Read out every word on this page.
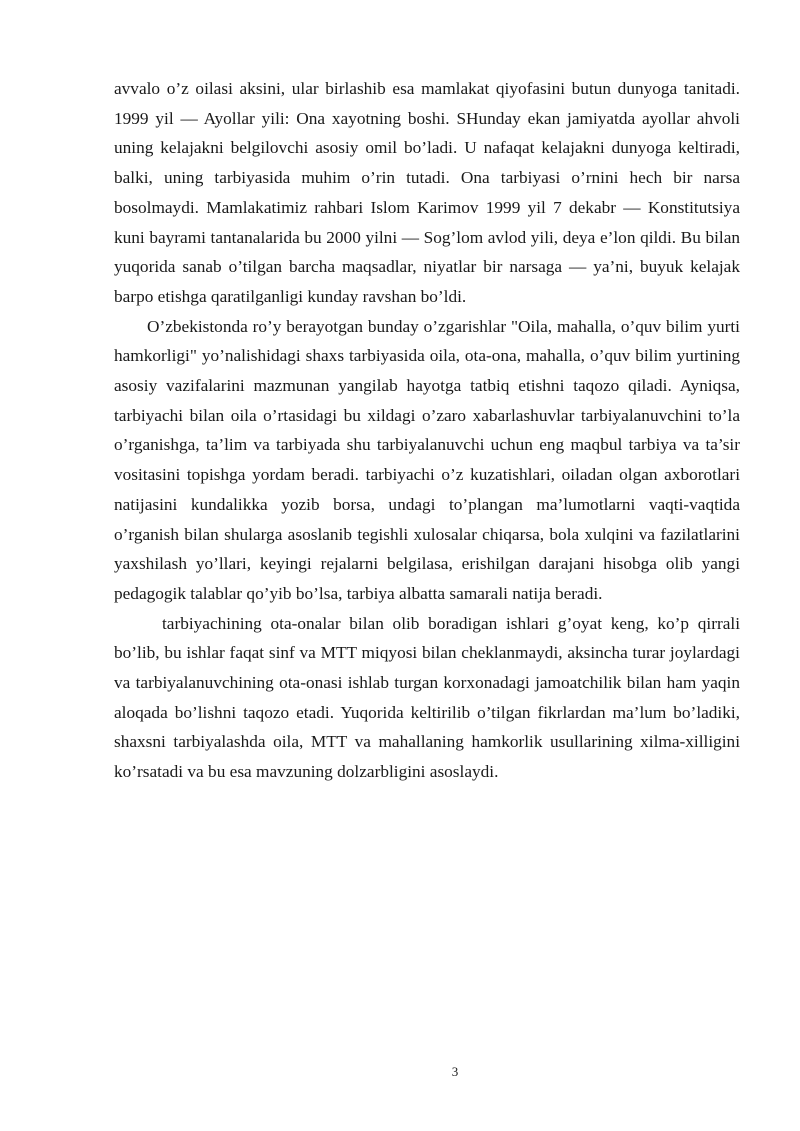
avvalo o’z oilasi aksini, ular birlashib esa mamlakat qiyofasini butun dunyoga tanitadi. 1999 yil — Ayollar yili: Ona xayotning boshi. SHunday ekan jamiyatda ayollar ahvoli uning kelajakni belgilovchi asosiy omil bo’ladi. U nafaqat kelajakni dunyoga keltiradi, balki, uning tarbiyasida muhim o’rin tutadi. Ona tarbiyasi o’rnini hech bir narsa bosolmaydi. Mamlakatimiz rahbari Islom Karimov 1999 yil 7 dekabr — Konstitutsiya kuni bayrami tantanalarida bu 2000 yilni — Sog’lom avlod yili, deya e’lon qildi. Bu bilan yuqorida sanab o’tilgan barcha maqsadlar, niyatlar bir narsaga — ya’ni, buyuk kelajak barpo etishga qaratilganligi kunday ravshan bo’ldi.

O’zbekistonda ro’y berayotgan bunday o’zgarishlar "Oila, mahalla, o’quv bilim yurti hamkorligi" yo’nalishidagi shaxs tarbiyasida oila, ota-ona, mahalla, o’quv bilim yurtining asosiy vazifalarini mazmunan yangilab hayotga tatbiq etishni taqozo qiladi. Ayniqsa, tarbiyachi bilan oila o’rtasidagi bu xildagi o’zaro xabarlashuvlar tarbiyalanuvchini to’la o’rganishga, ta’lim va tarbiyada shu tarbiyalanuvchi uchun eng maqbul tarbiya va ta’sir vositasini topishga yordam beradi. tarbiyachi o’z kuzatishlari, oiladan olgan axborotlari natijasini kundalikka yozib borsa, undagi to’plangan ma’lumotlarni vaqti-vaqtida o’rganish bilan shularga asoslanib tegishli xulosalar chiqarsa, bola xulqini va fazilatlarini yaxshilash yo’llari, keyingi rejalarni belgilasa, erishilgan darajani hisobga olib yangi pedagogik talablar qo’yib bo’lsa, tarbiya albatta samarali natija beradi.

tarbiyachining ota-onalar bilan olib boradigan ishlari g’oyat keng, ko’p qirrali bo’lib, bu ishlar faqat sinf va MTT miqyosi bilan cheklanmaydi, aksincha turar joylardagi va tarbiyalanuvchining ota-onasi ishlab turgan korxonadagi jamoatchilik bilan ham yaqin aloqada bo’lishni taqozo etadi. Yuqorida keltirilib o’tilgan fikrlardan ma’lum bo’ladiki, shaxsni tarbiyalashda oila, MTT va mahallaning hamkorlik usullarining xilma-xilligini ko’rsatadi va bu esa mavzuning dolzarbligini asoslaydi.

3
